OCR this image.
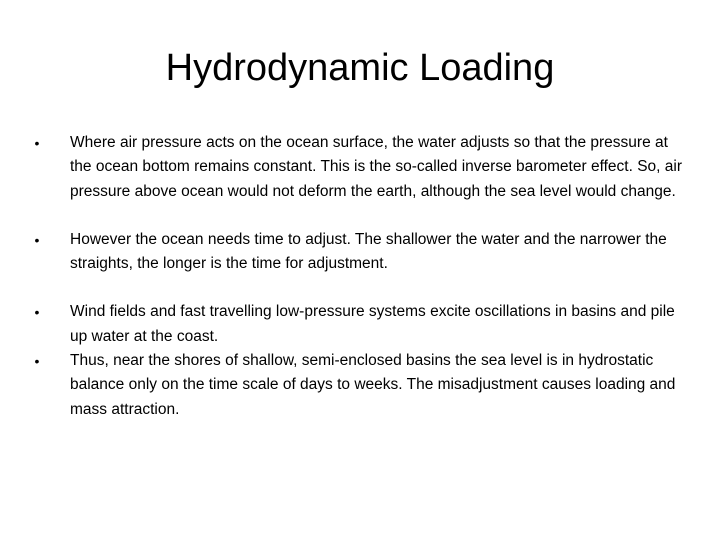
Hydrodynamic Loading
• Where air pressure acts on the ocean surface, the water adjusts so that the pressure at the ocean bottom remains constant. This is the so-called inverse barometer effect. So, air pressure above ocean would not deform the earth, although the sea level would change.
• However the ocean needs time to adjust. The shallower the water and the narrower the straights, the longer is the time for adjustment.
• Wind fields and fast travelling low-pressure systems excite oscillations in basins and pile up water at the coast.
• Thus, near the shores of shallow, semi-enclosed basins the sea level is in hydrostatic balance only on the time scale of days to weeks. The misadjustment causes loading and mass attraction.
